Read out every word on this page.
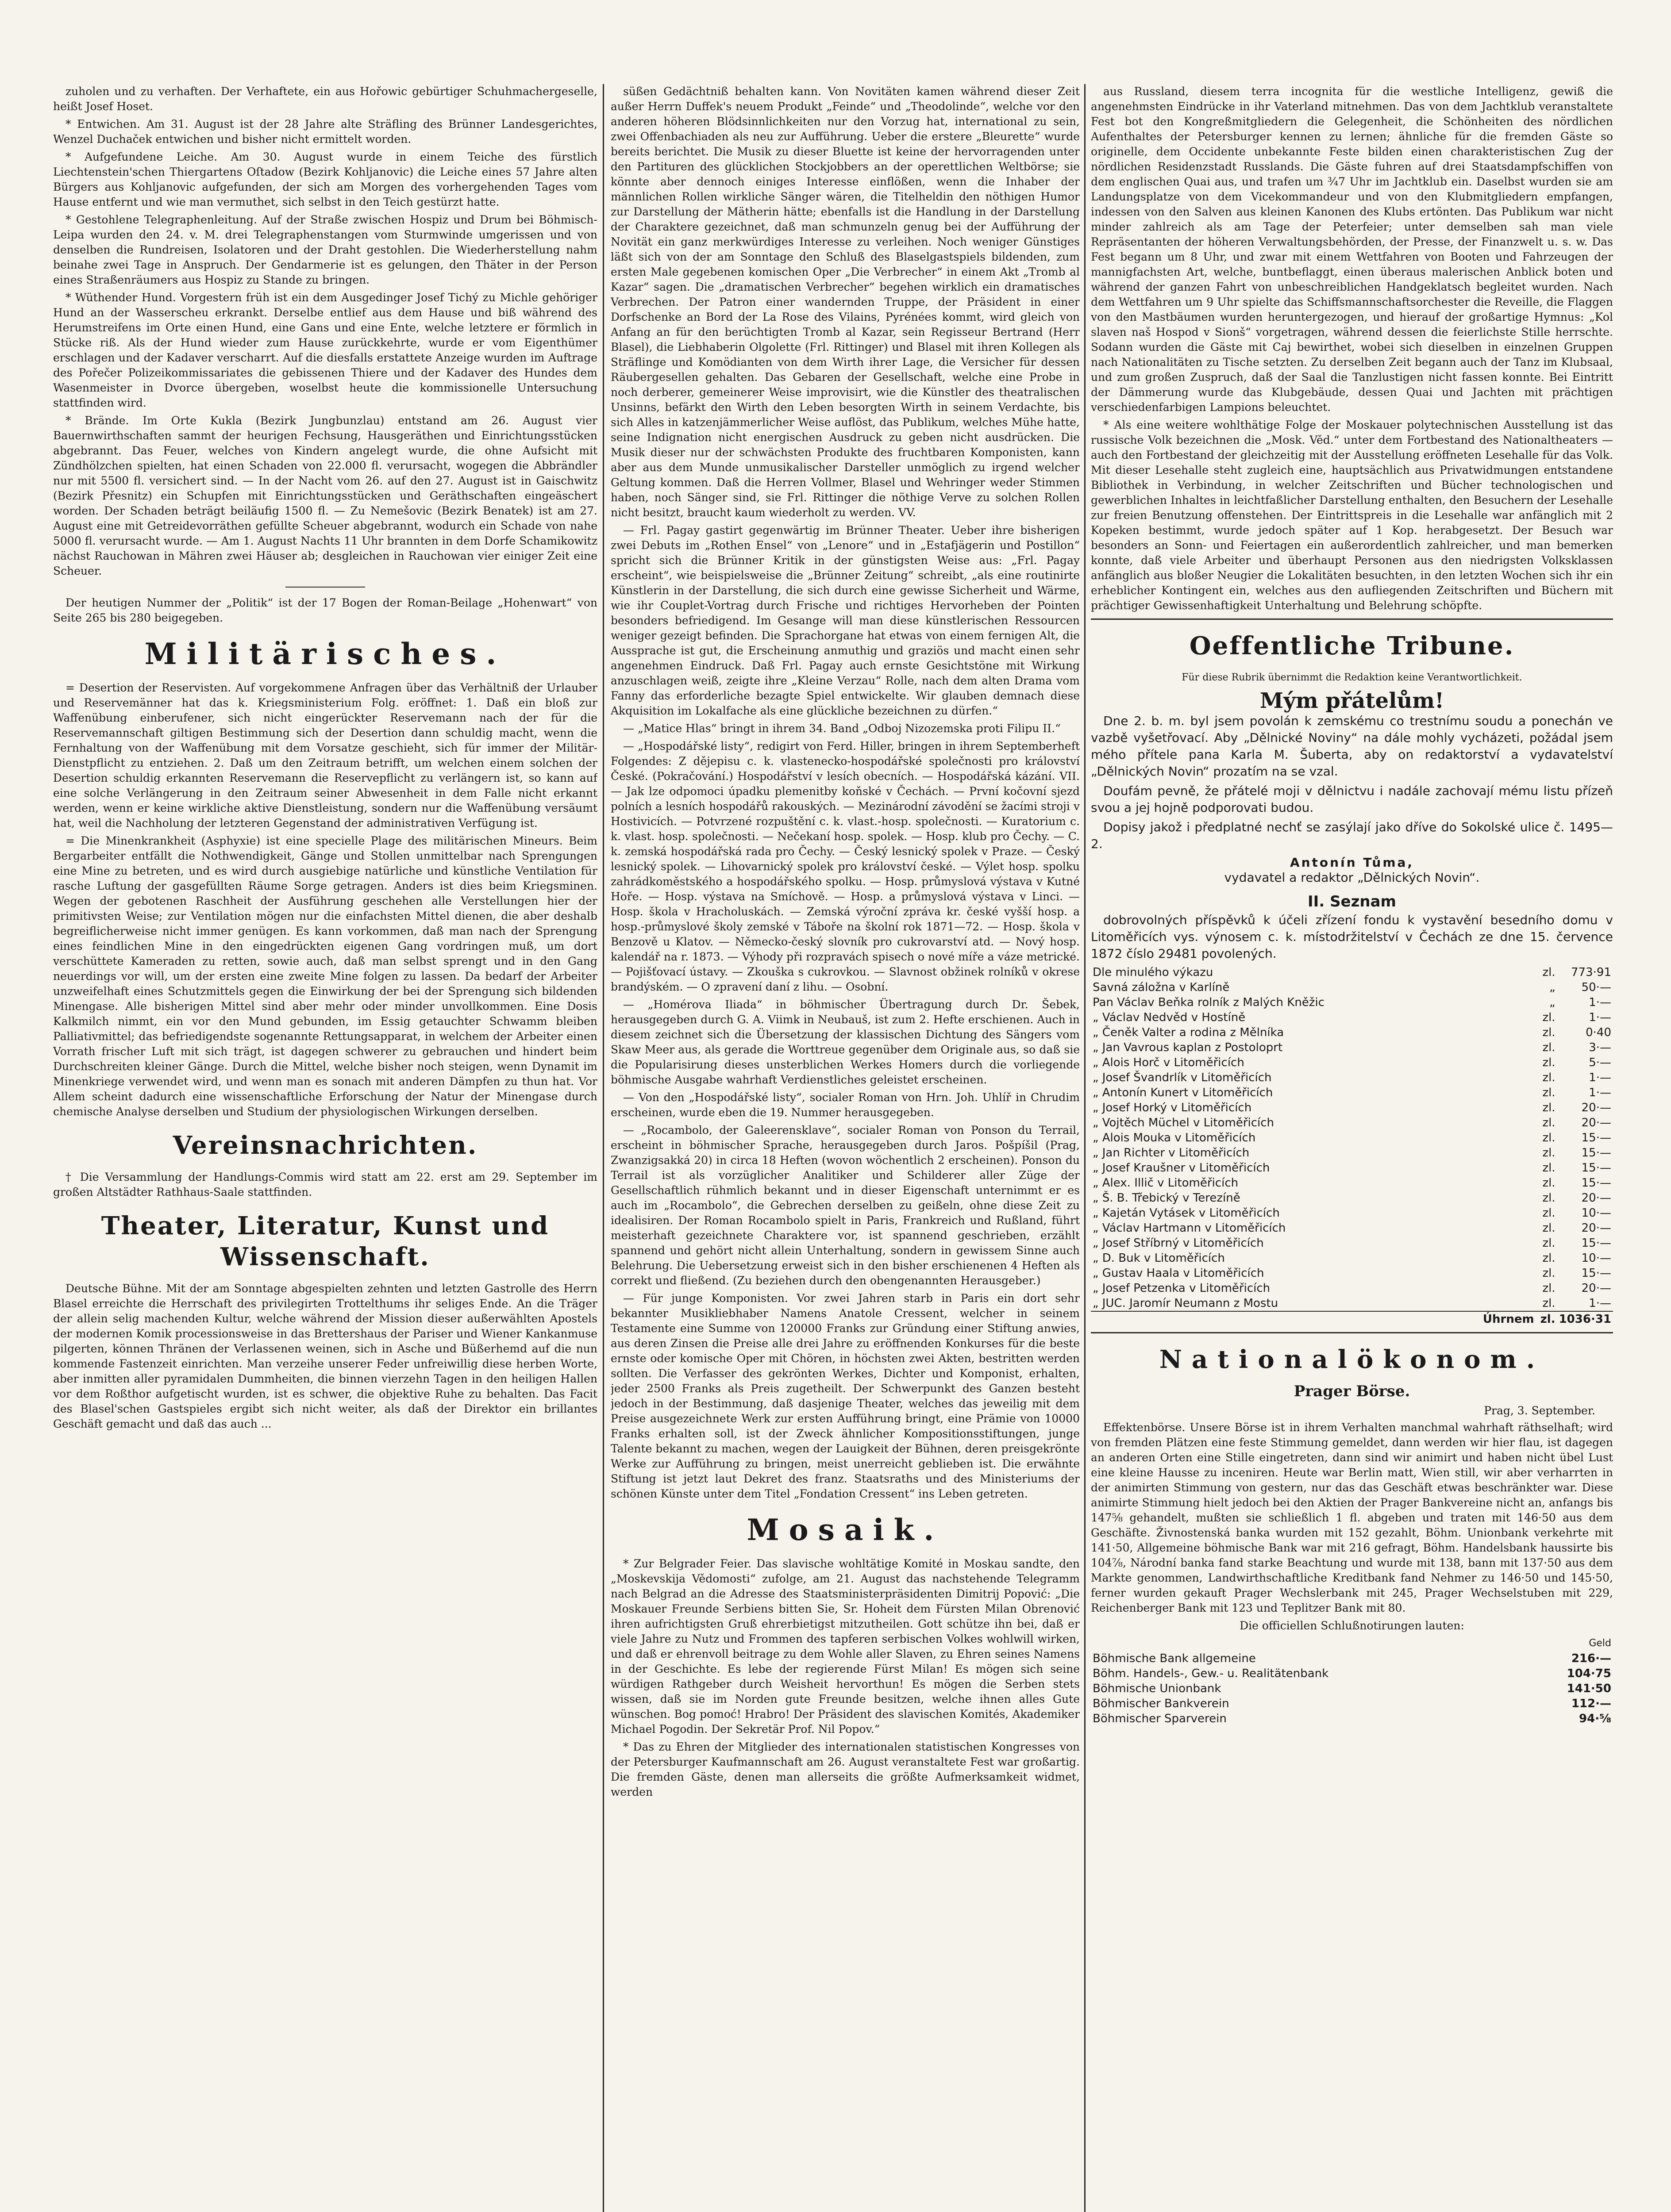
zuholen und zu verhaften. Der Verhaftete, ein aus Hořowic gebürtiger Schuhmachergeselle, heißt Josef Hoset.

* Entwichen. Am 31. August ist der 28 Jahre alte Sträfling des Brünner Landesgerichtes, Wenzel Duchaček entwichen und bisher nicht ermittelt worden.

* Aufgefundene Leiche. Am 30. August wurde in einem Teiche des fürstlich Liechtenstein'schen Thiergartens Oſtadow (Bezirk Kohljanovic) die Leiche eines 57 Jahre alten Bürgers aus Kohljanovic aufgefunden, der sich am Morgen des vorhergehenden Tages vom Hause entfernt und wie man vermuthet, sich selbst in den Teich gestürzt hatte.

* Gestohlene Telegraphenleitung. Auf der Straße zwischen Hospiz und Drum bei Böhmisch-Leipa wurden den 24. v. M. drei Telegraphenstangen vom Sturmwinde umgerissen und von denselben die Rundreisen, Isolatoren und der Draht gestohlen. Die Wiederherstellung nahm beinahe zwei Tage in Anspruch. Der Gendarmerie ist es gelungen, den Thäter in der Person eines Straßenräumers aus Hospiz zu Stande zu bringen.

* Wüthender Hund. Vorgestern früh ist ein dem Ausgedinger Josef Tichý zu Michle gehöriger Hund an der Wasserscheu erkrankt. Derselbe entlief aus dem Hause und biß während des Herumstreifens im Orte einen Hund, eine Gans und eine Ente, welche letztere er förmlich in Stücke riß. Als der Hund wieder zum Hause zurückkehrte, wurde er vom Eigenthümer erschlagen und der Kadaver verscharrt. Auf die diesfalls erstattete Anzeige wurden im Auftrage des Pořečer Polizeikommissariates die gebissenen Thiere und der Kadaver des Hundes dem Wasenmeister in Dvorce übergeben, woselbst heute die kommissionelle Untersuchung stattfinden wird.

* Brände. Im Orte Kukla (Bezirk Jungbunzlau) entstand am 26. August vier Bauernwirthschaften sammt der heurigen Fechsung, Hausgeräthen und Einrichtungsstücken abgebrannt. Das Feuer, welches von Kindern angelegt wurde, die ohne Aufsicht mit Zündhölzchen spielten, hat einen Schaden von 22.000 fl. verursacht, wogegen die Abbrändler nur mit 5500 fl. versichert sind. — In der Nacht vom 26. auf den 27. August ist in Gaischwitz (Bezirk Přesnitz) ein Schupfen mit Einrichtungsstücken und Geräthschaften eingeäschert worden. Der Schaden beträgt beiläufig 1500 fl. — Zu Nemešovic (Bezirk Benatek) ist am 27. August eine mit Getreidevorräthen gefüllte Scheuer abgebrannt, wodurch ein Schade von nahe 5000 fl. verursacht wurde. — Am 1. August Nachts 11 Uhr brannten in dem Dorfe Schamikowitz nächst Rauchowan in Mähren zwei Häuser ab; desgleichen in Rauchowan vier einiger Zeit eine Scheuer.

Der heutigen Nummer der „Politik“ ist der 17 Bogen der Roman-Beilage „Hohenwart“ von Seite 265 bis 280 beigegeben.

Militärisches.

= Desertion der Reservisten. Auf vorgekommene Anfragen über das Verhältniß der Urlauber und Reservemänner hat das k. Kriegsministerium Folg. eröffnet: 1. Daß ein bloß zur Waffenübung einberufener, sich nicht eingerückter Reservemann nach der für die Reservemannschaft giltigen Bestimmung sich der Desertion dann schuldig macht, wenn die Fernhaltung von der Waffenübung mit dem Vorsatze geschieht, sich für immer der Militär-Dienstpflicht zu entziehen. 2. Daß um den Zeitraum betrifft, um welchen einem solchen der Desertion schuldig erkannten Reservemann die Reservepflicht zu verlängern ist, so kann auf eine solche Verlängerung in den Zeitraum seiner Abwesenheit in dem Falle nicht erkannt werden, wenn er keine wirkliche aktive Dienstleistung, sondern nur die Waffenübung versäumt hat, weil die Nachholung der letzteren Gegenstand der administrativen Verfügung ist.

= Die Minenkrankheit (Asphyxie) ist eine specielle Plage des militärischen Mineurs. Beim Bergarbeiter entfällt die Nothwendigkeit, Gänge und Stollen unmittelbar nach Sprengungen eine Mine zu betreten, und es wird durch ausgiebige natürliche und künstliche Ventilation für rasche Luftung der gasgefüllten Räume Sorge getragen. Anders ist dies beim Kriegsminen. Wegen der gebotenen Raschheit der Ausführung geschehen alle Verstellungen hier der primitivsten Weise; zur Ventilation mögen nur die einfachsten Mittel dienen, die aber deshalb begreiflicherweise nicht immer genügen. Es kann vorkommen, daß man nach der Sprengung eines feindlichen Mine in den eingedrückten eigenen Gang vordringen muß, um dort verschüttete Kameraden zu retten, sowie auch, daß man selbst sprengt und in den Gang neuerdings vor will, um der ersten eine zweite Mine folgen zu lassen. Da bedarf der Arbeiter unzweifelhaft eines Schutzmittels gegen die Einwirkung der bei der Sprengung sich bildenden Minengase. Alle bisherigen Mittel sind aber mehr oder minder unvollkommen. Eine Dosis Kalkmilch nimmt, ein vor den Mund gebunden, im Essig getauchter Schwamm bleiben Palliativmittel; das befriedigendste sogenannte Rettungsapparat, in welchem der Arbeiter einen Vorrath frischer Luft mit sich trägt, ist dagegen schwerer zu gebrauchen und hindert beim Durchschreiten kleiner Gänge. Durch die Mittel, welche bisher noch steigen, wenn Dynamit im Minenkriege verwendet wird, und wenn man es sonach mit anderen Dämpfen zu thun hat. Vor Allem scheint dadurch eine wissenschaftliche Erforschung der Natur der Minengase durch chemische Analyse derselben und Studium der physiologischen Wirkungen derselben.

Vereinsnachrichten.

† Die Versammlung der Handlungs-Commis wird statt am 22. erst am 29. September im großen Altstädter Rathhaus-Saale stattfinden.

Theater, Literatur, Kunst und Wissenschaft.

Deutsche Bühne. Mit der am Sonntage abgespielten zehnten und letzten Gastrolle des Herrn Blasel erreichte die Herrschaft des privilegirten Trottelthums ihr seliges Ende. An die Träger der allein selig machenden Kultur, welche während der Mission dieser außerwählten Apostels der modernen Komik processionsweise in das Brettershaus der Pariser und Wiener Kankanmuse pilgerten, können Thränen der Verlassenen weinen, sich in Asche und Büßerhemd auf die nun kommende Fastenzeit einrichten. Man verzeihe unserer Feder unfreiwillig diese herben Worte, aber inmitten aller pyramidalen Dummheiten, die binnen vierzehn Tagen in den heiligen Hallen vor dem Roßthor aufgetischt wurden, ist es schwer, die objektive Ruhe zu behalten. Das Facit des Blasel'schen Gastspieles ergibt sich nicht weiter, als daß der Direktor ein brillantes Geschäft gemacht und daß das auch ...

süßen Gedächtniß behalten kann. Von Novitäten kamen während dieser Zeit außer Herrn Duffek's neuem Produkt „Feinde“ und „Theodolinde“, welche vor den anderen höheren Blödsinnlichkeiten nur den Vorzug hat, international zu sein, zwei Offenbachiaden als neu zur Aufführung. Ueber die erstere „Bleurette“ wurde bereits berichtet. Die Musik zu dieser Bluette ist keine der hervorragenden unter den Partituren des glücklichen Stockjobbers an der operettlichen Weltbörse; sie könnte aber dennoch einiges Interesse einflößen, wenn die Inhaber der männlichen Rollen wirkliche Sänger wären, die Titelheldin den nöthigen Humor zur Darstellung der Mätherin hätte; ebenfalls ist die Handlung in der Darstellung der Charaktere gezeichnet, daß man schmunzeln genug bei der Aufführung der Novität ein ganz merkwürdiges Interesse zu verleihen. Noch weniger Günstiges läßt sich von der am Sonntage den Schluß des Blaselgastspiels bildenden, zum ersten Male gegebenen komischen Oper „Die Verbrecher“ in einem Akt „Tromb al Kazar“ sagen. Die „dramatischen Verbrecher“ begehen wirklich ein dramatisches Verbrechen. Der Patron einer wandernden Truppe, der Präsident in einer Dorfschenke an Bord der La Rose des Vilains, Pyrénées kommt, wird gleich von Anfang an für den berüchtigten Tromb al Kazar, sein Regisseur Bertrand (Herr Blasel), die Liebhaberin Olgolette (Frl. Rittinger) und Blasel mit ihren Kollegen als Sträflinge und Komödianten von dem Wirth ihrer Lage, die Versicher für dessen Räubergesellen gehalten. Das Gebaren der Gesellschaft, welche eine Probe in noch derberer, gemeinerer Weise improvisirt, wie die Künstler des theatralischen Unsinns, befärkt den Wirth den Leben besorgten Wirth in seinem Verdachte, bis sich Alles in katzenjämmerlicher Weise auflöst, das Publikum, welches Mühe hatte, seine Indignation nicht energischen Ausdruck zu geben nicht ausdrücken. Die Musik dieser nur der schwächsten Produkte des fruchtbaren Komponisten, kann aber aus dem Munde unmusikalischer Darsteller unmöglich zu irgend welcher Geltung kommen. Daß die Herren Vollmer, Blasel und Wehringer weder Stimmen haben, noch Sänger sind, sie Frl. Rittinger die nöthige Verve zu solchen Rollen nicht besitzt, braucht kaum wiederholt zu werden. VV.

— Frl. Pagay gastirt gegenwärtig im Brünner Theater. Ueber ihre bisherigen zwei Debuts im „Rothen Ensel“ von „Lenore“ und in „Estafjägerin und Postillon“ spricht sich die Brünner Kritik in der günstigsten Weise aus: „Frl. Pagay erscheint“, wie beispielsweise die „Brünner Zeitung“ schreibt, „als eine routinirte Künstlerin in der Darstellung, die sich durch eine gewisse Sicherheit und Wärme, wie ihr Couplet-Vortrag durch Frische und richtiges Hervorheben der Pointen besonders befriedigend. Im Gesange will man diese künstlerischen Ressourcen weniger gezeigt befinden. Die Sprachorgane hat etwas von einem fernigen Alt, die Aussprache ist gut, die Erscheinung anmuthig und graziös und macht einen sehr angenehmen Eindruck. Daß Frl. Pagay auch ernste Gesichtstöne mit Wirkung anzuschlagen weiß, zeigte ihre „Kleine Verzau“ Rolle, nach dem alten Drama vom Fanny das erforderliche bezagte Spiel entwickelte. Wir glauben demnach diese Akquisition im Lokalfache als eine glückliche bezeichnen zu dürfen.“

— „Matice Hlas“ bringt in ihrem 34. Band „Odboj Nizozemska proti Filipu II.“

— „Hospodářské listy“, redigirt von Ferd. Hiller, bringen in ihrem Septemberheft Folgendes: Z dějepisu c. k. vlastenecko-hospodářské společnosti pro království České. (Pokračování.) Hospodářství v lesích obecních. — Hospodářská kázání. VII. — Jak lze odpomoci úpadku plemenitby koňské v Čechách. — První kočovní sjezd polních a lesních hospodářů rakouských. — Mezinárodní závodění se žacími stroji v Hostivicích. — Potvrzené rozpuštění c. k. vlast.-hosp. společnosti. — Kuratorium c. k. vlast. hosp. společnosti. — Nečekaní hosp. spolek. — Hosp. klub pro Čechy. — C. k. zemská hospodářská rada pro Čechy. — Český lesnický spolek v Praze. — Český lesnický spolek. — Lihovarnický spolek pro království české. — Výlet hosp. spolku zahrádkoměstského a hospodářského spolku. — Hosp. průmyslová výstava v Kutné Hoře. — Hosp. výstava na Smíchově. — Hosp. a průmyslová výstava v Linci. — Hosp. škola v Hracholuskách. — Zemská výroční zpráva kr. české vyšší hosp. a hosp.-průmyslové školy zemské v Táboře na školní rok 1871—72. — Hosp. škola v Benzově u Klatov. — Německo-český slovník pro cukrovarství atd. — Nový hosp. kalendář na r. 1873. — Výhody při rozpravách spisech o nové míře a váze metrické. — Pojišťovací ústavy. — Zkouška s cukrovkou. — Slavnost obžinek rolníků v okrese brandýském. — O zpravení daní z lihu. — Osobní.

— „Homérova Iliada“ in böhmischer Übertragung durch Dr. Šebek, herausgegeben durch G. A. Viimk in Neubauš, ist zum 2. Hefte erschienen. Auch in diesem zeichnet sich die Übersetzung der klassischen Dichtung des Sängers vom Skaw Meer aus, als gerade die Worttreue gegenüber dem Originale aus, so daß sie die Popularisirung dieses unsterblichen Werkes Homers durch die vorliegende böhmische Ausgabe wahrhaft Verdienstliches geleistet erscheinen.

— Von den „Hospodářské listy“, socialer Roman von Hrn. Joh. Uhlíř in Chrudim erscheinen, wurde eben die 19. Nummer herausgegeben.

— „Rocambolo, der Galeerensklave“, socialer Roman von Ponson du Terrail, erscheint in böhmischer Sprache, herausgegeben durch Jaros. Pošpíšil (Prag, Zwanzigsakká 20) in circa 18 Heften (wovon wöchentlich 2 erscheinen). Ponson du Terrail ist als vorzüglicher Analitiker und Schilderer aller Züge der Gesellschaftlich rühmlich bekannt und in dieser Eigenschaft unternimmt er es auch im „Rocambolo“, die Gebrechen derselben zu geißeln, ohne diese Zeit zu idealisiren. Der Roman Rocambolo spielt in Paris, Frankreich und Rußland, führt meisterhaft gezeichnete Charaktere vor, ist spannend geschrieben, erzählt spannend und gehört nicht allein Unterhaltung, sondern in gewissem Sinne auch Belehrung. Die Uebersetzung erweist sich in den bisher erschienenen 4 Heften als correkt und fließend. (Zu beziehen durch den obengenannten Herausgeber.)

— Für junge Komponisten. Vor zwei Jahren starb in Paris ein dort sehr bekannter Musikliebhaber Namens Anatole Cressent, welcher in seinem Testamente eine Summe von 120000 Franks zur Gründung einer Stiftung anwies, aus deren Zinsen die Preise alle drei Jahre zu eröffnenden Konkurses für die beste ernste oder komische Oper mit Chören, in höchsten zwei Akten, bestritten werden sollten. Die Verfasser des gekrönten Werkes, Dichter und Komponist, erhalten, jeder 2500 Franks als Preis zugetheilt. Der Schwerpunkt des Ganzen besteht jedoch in der Bestimmung, daß dasjenige Theater, welches das jeweilig mit dem Preise ausgezeichnete Werk zur ersten Aufführung bringt, eine Prämie von 10000 Franks erhalten soll, ist der Zweck ähnlicher Kompositionsstiftungen, junge Talente bekannt zu machen, wegen der Lauigkeit der Bühnen, deren preisgekrönte Werke zur Aufführung zu bringen, meist unerreicht geblieben ist. Die erwähnte Stiftung ist jetzt laut Dekret des franz. Staatsraths und des Ministeriums der schönen Künste unter dem Titel „Fondation Cressent“ ins Leben getreten.

Mosaik.

* Zur Belgrader Feier. Das slavische wohltätige Komité in Moskau sandte, den „Moskevskija Vědomosti“ zufolge, am 21. August das nachstehende Telegramm nach Belgrad an die Adresse des Staatsministerpräsidenten Dimitrij Popović: „Die Moskauer Freunde Serbiens bitten Sie, Sr. Hoheit dem Fürsten Milan Obrenović ihren aufrichtigsten Gruß ehrerbietigst mitzutheilen. Gott schütze ihn bei, daß er viele Jahre zu Nutz und Frommen des tapferen serbischen Volkes wohlwill wirken, und daß er ehrenvoll beitrage zu dem Wohle aller Slaven, zu Ehren seines Namens in der Geschichte. Es lebe der regierende Fürst Milan! Es mögen sich seine würdigen Rathgeber durch Weisheit hervorthun! Es mögen die Serben stets wissen, daß sie im Norden gute Freunde besitzen, welche ihnen alles Gute wünschen. Bog pomoć! Hrabro! Der Präsident des slavischen Komités, Akademiker Michael Pogodin. Der Sekretär Prof. Nil Popov.“

* Das zu Ehren der Mitglieder des internationalen statistischen Kongresses von der Petersburger Kaufmannschaft am 26. August veranstaltete Fest war großartig. Die fremden Gäste, denen man allerseits die größte Aufmerksamkeit widmet, werden

aus Russland, diesem terra incognita für die westliche Intelligenz, gewiß die angenehmsten Eindrücke in ihr Vaterland mitnehmen. Das von dem Jachtklub veranstaltete Fest bot den Kongreßmitgliedern die Gelegenheit, die Schönheiten des nördlichen Aufenthaltes der Petersburger kennen zu lernen; ähnliche für die fremden Gäste so originelle, dem Occidente unbekannte Feste bilden einen charakteristischen Zug der nördlichen Residenzstadt Russlands. Die Gäste fuhren auf drei Staatsdampfschiffen von dem englischen Quai aus, und trafen um ¾7 Uhr im Jachtklub ein. Daselbst wurden sie am Landungsplatze von dem Vicekommandeur und von den Klubmitgliedern empfangen, indessen von den Salven aus kleinen Kanonen des Klubs ertönten. Das Publikum war nicht minder zahlreich als am Tage der Peterfeier; unter demselben sah man viele Repräsentanten der höheren Verwaltungsbehörden, der Presse, der Finanzwelt u. s. w. Das Fest begann um 8 Uhr, und zwar mit einem Wettfahren von Booten und Fahrzeugen der mannigfachsten Art, welche, buntbeflaggt, einen überaus malerischen Anblick boten und während der ganzen Fahrt von unbeschreiblichen Handgeklatsch begleitet wurden. Nach dem Wettfahren um 9 Uhr spielte das Schiffsmannschaftsorchester die Reveille, die Flaggen von den Mastbäumen wurden heruntergezogen, und hierauf der großartige Hymnus: „Kol slaven naš Hospod v Sionš“ vorgetragen, während dessen die feierlichste Stille herrschte. Sodann wurden die Gäste mit Caj bewirthet, wobei sich dieselben in einzelnen Gruppen nach Nationalitäten zu Tische setzten. Zu derselben Zeit begann auch der Tanz im Klubsaal, und zum großen Zuspruch, daß der Saal die Tanzlustigen nicht fassen konnte. Bei Eintritt der Dämmerung wurde das Klubgebäude, dessen Quai und Jachten mit prächtigen verschiedenfarbigen Lampions beleuchtet.

* Als eine weitere wohlthätige Folge der Moskauer polytechnischen Ausstellung ist das russische Volk bezeichnen die „Mosk. Věd.“ unter dem Fortbestand des Nationaltheaters — auch den Fortbestand der gleichzeitig mit der Ausstellung eröffneten Lesehalle für das Volk. Mit dieser Lesehalle steht zugleich eine, hauptsächlich aus Privatwidmungen entstandene Bibliothek in Verbindung, in welcher Zeitschriften und Bücher technologischen und gewerblichen Inhaltes in leichtfaßlicher Darstellung enthalten, den Besuchern der Lesehalle zur freien Benutzung offenstehen. Der Eintrittspreis in die Lesehalle war anfänglich mit 2 Kopeken bestimmt, wurde jedoch später auf 1 Kop. herabgesetzt. Der Besuch war besonders an Sonn- und Feiertagen ein außerordentlich zahlreicher, und man bemerken konnte, daß viele Arbeiter und überhaupt Personen aus den niedrigsten Volksklassen anfänglich aus bloßer Neugier die Lokalitäten besuchten, in den letzten Wochen sich ihr ein erheblicher Kontingent ein, welches aus den aufliegenden Zeitschriften und Büchern mit prächtiger Gewissenhaftigkeit Unterhaltung und Belehrung schöpfte.

Oeffentliche Tribune.
Für diese Rubrik übernimmt die Redaktion keine Verantwortlichkeit.
Mým přátelům!

Dne 2. b. m. byl jsem povolán k zemskému co trestnímu soudu a ponechán ve vazbě vyšetřovací. Aby „Dělnické Noviny“ na dále mohly vycházeti, požádal jsem mého přítele pana Karla M. Šuberta, aby on redaktorství a vydavatelství „Dělnických Novin“ prozatím na se vzal.

Doufám pevně, že přátelé moji v dělnictvu i nadále zachovají mému listu přízeň svou a jej hojně podporovati budou.

Dopisy jakož i předplatné nechť se zasýlají jako dříve do Sokolské ulice č. 1495—2.

Antonín Tůma,
vydavatel a redaktor „Dělnických Novin“.
II. Seznam

dobrovolných příspěvků k účeli zřízení fondu k vystavění besedního domu v Litoměřicích vys. výnosem c. k. místodržitelství v Čechách ze dne 15. července 1872 číslo 29481 povolených.

Dle minulého výkazu	zl.	773·91
Savná záložna v Karlíně	„	50·—
Pan Václav Beňka rolník z Malých Kněžic	„	1·—
„ Václav Nedvěd v Hostíně	zl.	1·—
„ Čeněk Valter a rodina z Mělníka	zl.	0·40
„ Jan Vavrous kaplan z Postoloprt	zl.	3·—
„ Alois Horč v Litoměřicích	zl.	5·—
„ Josef Švandrlík v Litoměřicích	zl.	1·—
„ Antonín Kunert v Litoměřicích	zl.	1·—
„ Josef Horký v Litoměřicích	zl.	20·—
„ Vojtěch Müchel v Litoměřicích	zl.	20·—
„ Alois Mouka v Litoměřicích	zl.	15·—
„ Jan Richter v Litoměřicích	zl.	15·—
„ Josef Kraušner v Litoměřicích	zl.	15·—
„ Alex. Illič v Litoměřicích	zl.	15·—
„ Š. B. Třebický v Terezíně	zl.	20·—
„ Kajetán Vytásek v Litoměřicích	zl.	10·—
„ Václav Hartmann v Litoměřicích	zl.	20·—
„ Josef Stříbrný v Litoměřicích	zl.	15·—
„ D. Buk v Litoměřicích	zl.	10·—
„ Gustav Haala v Litoměřicích	zl.	15·—
„ Josef Petzenka v Litoměřicích	zl.	20·—
„ JUC. Jaromír Neumann z Mostu	zl.	1·—
Úhrnem	zl.	1036·31
Nationalökonom.
Prager Börse.
Prag, 3. September.

Effektenbörse. Unsere Börse ist in ihrem Verhalten manchmal wahrhaft räthselhaft; wird von fremden Plätzen eine feste Stimmung gemeldet, dann werden wir hier flau, ist dagegen an anderen Orten eine Stille eingetreten, dann sind wir animirt und haben nicht übel Lust eine kleine Hausse zu inceniren. Heute war Berlin matt, Wien still, wir aber verharrten in der animirten Stimmung von gestern, nur das das Geschäft etwas beschränkter war. Diese animirte Stimmung hielt jedoch bei den Aktien der Prager Bankvereine nicht an, anfangs bis 147⅝ gehandelt, mußten sie schließlich 1 fl. abgeben und traten mit 146·50 aus dem Geschäfte. Živnostenská banka wurden mit 152 gezahlt, Böhm. Unionbank verkehrte mit 141·50, Allgemeine böhmische Bank war mit 216 gefragt, Böhm. Handelsbank haussirte bis 104⅞, Národní banka fand starke Beachtung und wurde mit 138, bann mit 137·50 aus dem Markte genommen, Landwirthschaftliche Kreditbank fand Nehmer zu 146·50 und 145·50, ferner wurden gekauft Prager Wechslerbank mit 245, Prager Wechselstuben mit 229, Reichenberger Bank mit 123 und Teplitzer Bank mit 80.

Die officiellen Schlußnotirungen lauten:

	Geld
Böhmische Bank allgemeine	216·—
Böhm. Handels-, Gew.- u. Realitätenbank	104·75
Böhmische Unionbank	141·50
Böhmischer Bankverein	112·—
Böhmischer Sparverein	94·⅝
